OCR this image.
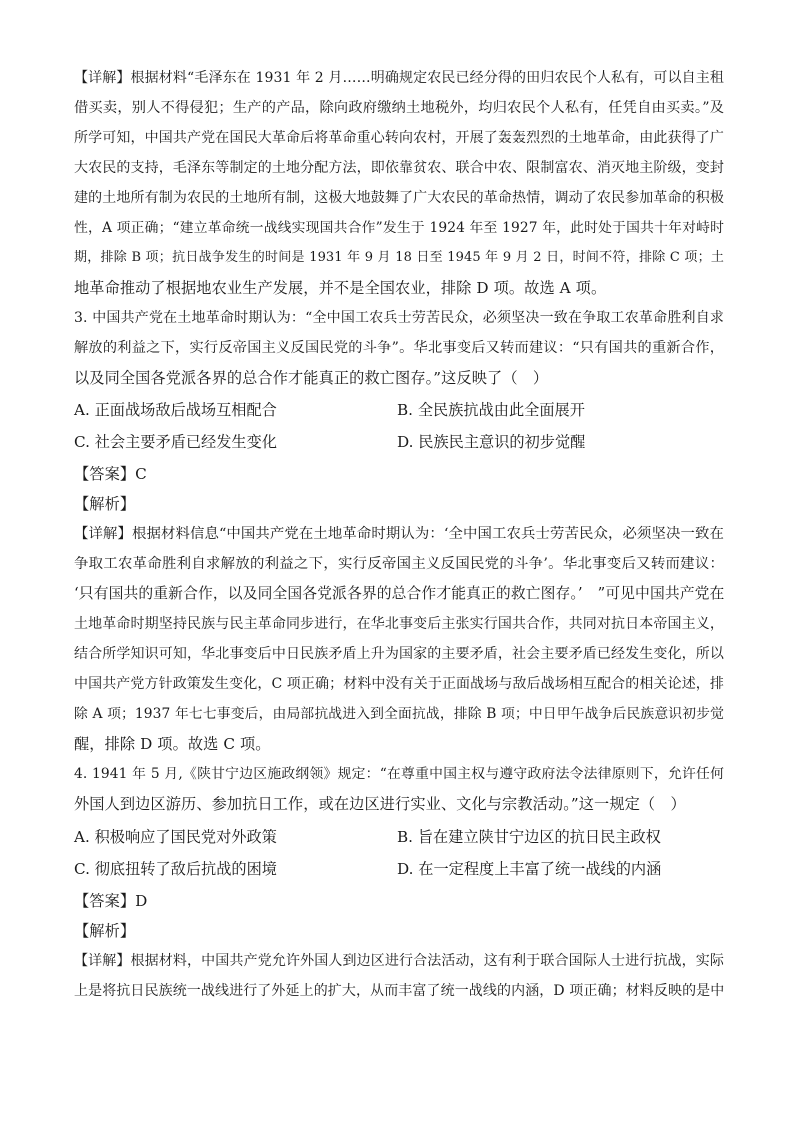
【详解】根据材料“毛泽东在 1931 年 2 月……明确规定农民已经分得的田归农民个人私有，可以自主租
借买卖，别人不得侵犯；生产的产品，除向政府缴纳土地税外，均归农民个人私有，任凭自由买卖。”及
所学可知，中国共产党在国民大革命后将革命重心转向农村，开展了轰轰烈烈的土地革命，由此获得了广
大农民的支持，毛泽东等制定的土地分配方法，即依靠贫农、联合中农、限制富农、消灭地主阶级，变封
建的土地所有制为农民的土地所有制，这极大地鼓舞了广大农民的革命热情，调动了农民参加革命的积极
性，A 项正确；“建立革命统一战线实现国共合作”发生于 1924 年至 1927 年，此时处于国共十年对峙时
期，排除 B 项；抗日战争发生的时间是 1931 年 9 月 18 日至 1945 年 9 月 2 日，时间不符，排除 C 项；土
地革命推动了根据地农业生产发展，并不是全国农业，排除 D 项。故选 A 项。
3. 中国共产党在土地革命时期认为：“全中国工农兵士劳苦民众，必须坚决一致在争取工农革命胜利自求
解放的利益之下，实行反帝国主义反国民党的斗争”。华北事变后又转而建议：“只有国共的重新合作，
以及同全国各党派各界的总合作才能真正的救亡图存。”这反映了（　）
A. 正面战场敌后战场互相配合	B. 全民族抗战由此全面展开
C. 社会主要矛盾已经发生变化	D. 民族民主意识的初步觉醒
【答案】C
【解析】
【详解】根据材料信息“中国共产党在土地革命时期认为：‘全中国工农兵士劳苦民众，必须坚决一致在
争取工农革命胜利自求解放的利益之下，实行反帝国主义反国民党的斗争’。华北事变后又转而建议：
‘只有国共的重新合作，以及同全国各党派各界的总合作才能真正的救亡图存。’　”可见中国共产党在
土地革命时期坚持民族与民主革命同步进行，在华北事变后主张实行国共合作，共同对抗日本帝国主义，
结合所学知识可知，华北事变后中日民族矛盾上升为国家的主要矛盾，社会主要矛盾已经发生变化，所以
中国共产党方针政策发生变化，C 项正确；材料中没有关于正面战场与敌后战场相互配合的相关论述，排
除 A 项；1937 年七七事变后，由局部抗战进入到全面抗战，排除 B 项；中日甲午战争后民族意识初步觉
醒，排除 D 项。故选 C 项。
4. 1941 年 5 月,《陕甘宁边区施政纲领》规定：“在尊重中国主权与遵守政府法令法律原则下，允许任何
外国人到边区游历、参加抗日工作，或在边区进行实业、文化与宗教活动。”这一规定（　）
A. 积极响应了国民党对外政策	B. 旨在建立陕甘宁边区的抗日民主政权
C. 彻底扭转了敌后抗战的困境	D. 在一定程度上丰富了统一战线的内涵
【答案】D
【解析】
【详解】根据材料，中国共产党允许外国人到边区进行合法活动，这有利于联合国际人士进行抗战，实际
上是将抗日民族统一战线进行了外延上的扩大，从而丰富了统一战线的内涵，D 项正确；材料反映的是中
